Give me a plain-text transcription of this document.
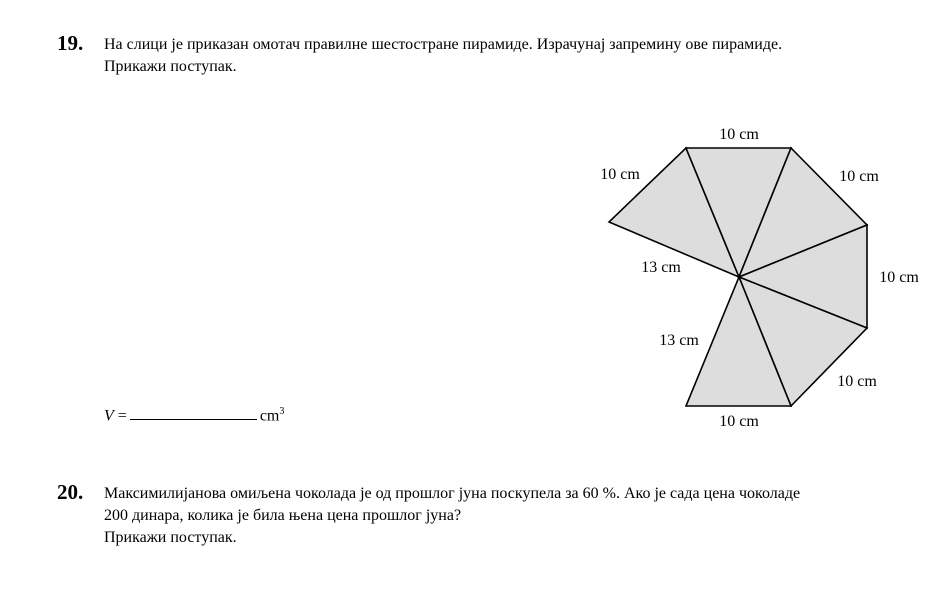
19. На слици је приказан омотач правилне шестостране пирамиде. Израчунај запремину ове пирамиде.
Прикажи поступак.
V =	$cm^3$
10 cm
10 cm	10 cm
10 cm
10 cm
10 cm
13 cm
13 cm
20. Максимилијанова омиљена чоколада је од прошлог јуна поскупела за 60 %. Ако је сада цена чоколаде
200 динара, колика је била њена цена прошлог јуна?
Прикажи поступак.
